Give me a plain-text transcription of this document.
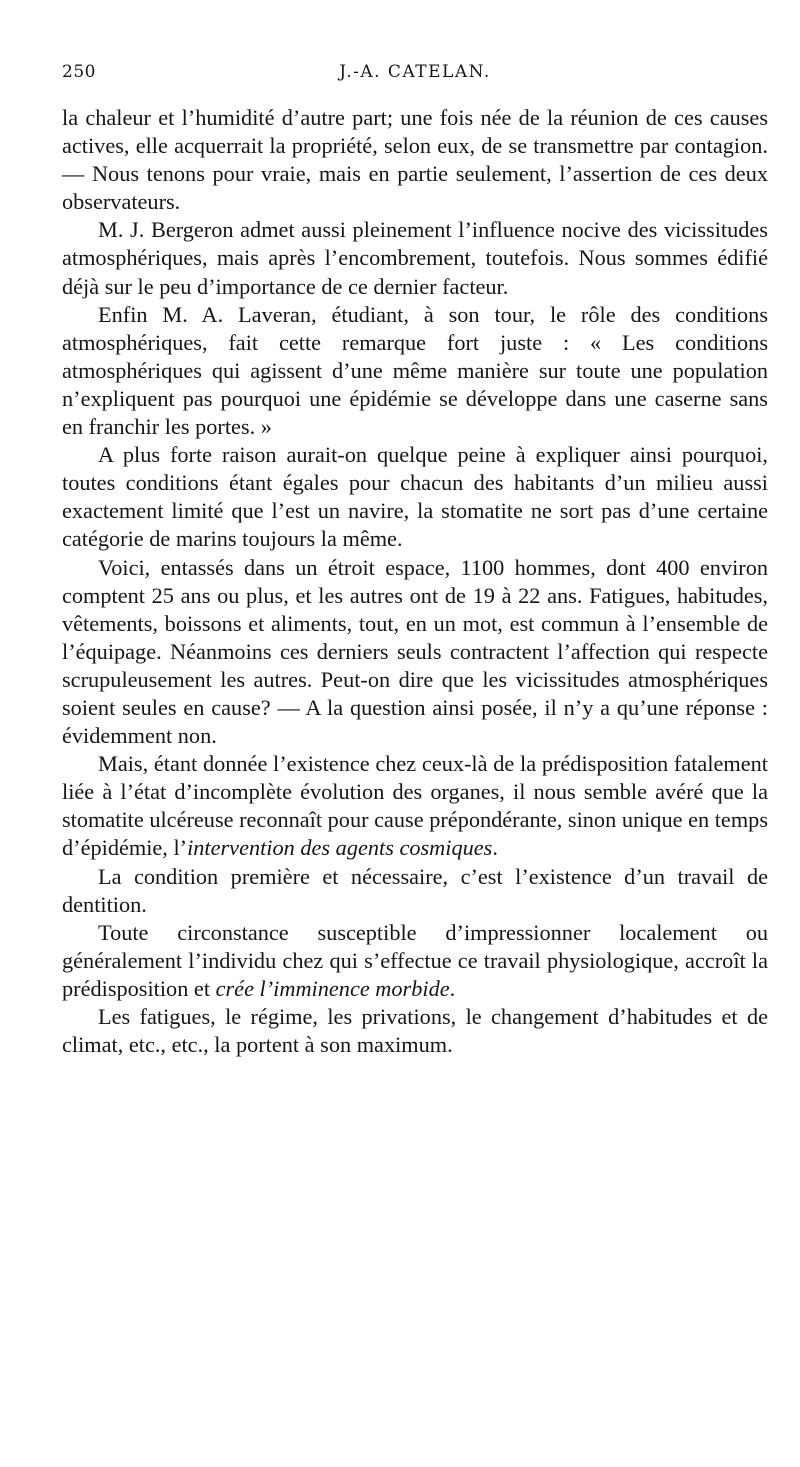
250	J.-A. CATELAN.

la chaleur et l’humidité d’autre part; une fois née de la réunion de ces causes actives, elle acquerrait la propriété, selon eux, de se transmettre par contagion. — Nous tenons pour vraie, mais en partie seulement, l’assertion de ces deux observateurs.

M. J. Bergeron admet aussi pleinement l’influence nocive des vicissitudes atmosphériques, mais après l’encombrement, toutefois. Nous sommes édifié déjà sur le peu d’importance de ce dernier facteur.

Enfin M. A. Laveran, étudiant, à son tour, le rôle des conditions atmosphériques, fait cette remarque fort juste : « Les conditions atmosphériques qui agissent d’une même manière sur toute une population n’expliquent pas pourquoi une épidémie se développe dans une caserne sans en franchir les portes. »

A plus forte raison aurait-on quelque peine à expliquer ainsi pourquoi, toutes conditions étant égales pour chacun des habitants d’un milieu aussi exactement limité que l’est un navire, la stomatite ne sort pas d’une certaine catégorie de marins toujours la même.

Voici, entassés dans un étroit espace, 1100 hommes, dont 400 environ comptent 25 ans ou plus, et les autres ont de 19 à 22 ans. Fatigues, habitudes, vêtements, boissons et aliments, tout, en un mot, est commun à l’ensemble de l’équipage. Néanmoins ces derniers seuls contractent l’affection qui respecte scrupuleusement les autres. Peut-on dire que les vicissitudes atmosphériques soient seules en cause? — A la question ainsi posée, il n’y a qu’une réponse : évidemment non.

Mais, étant donnée l’existence chez ceux-là de la prédisposition fatalement liée à l’état d’incomplète évolution des organes, il nous semble avéré que la stomatite ulcéreuse reconnaît pour cause prépondérante, sinon unique en temps d’épidémie, l’intervention des agents cosmiques.

La condition première et nécessaire, c’est l’existence d’un travail de dentition.

Toute circonstance susceptible d’impressionner localement ou généralement l’individu chez qui s’effectue ce travail physiologique, accroît la prédisposition et crée l’imminence morbide.

Les fatigues, le régime, les privations, le changement d’habitudes et de climat, etc., etc., la portent à son maximum.
